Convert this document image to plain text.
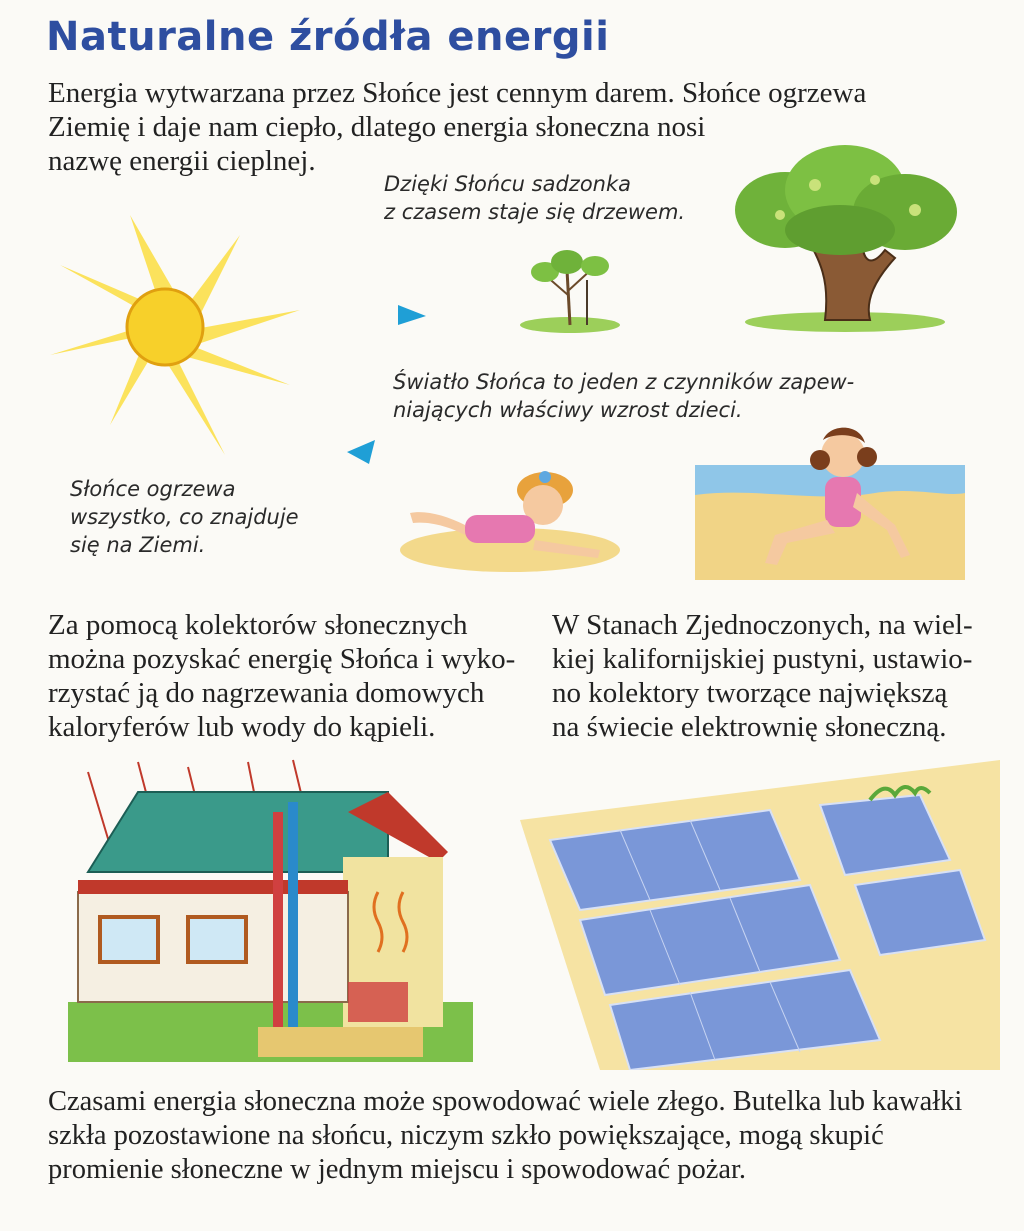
Naturalne źródła energii
Energia wytwarzana przez Słońce jest cennym darem. Słońce ogrzewa
Ziemię i daje nam ciepło, dlatego energia słoneczna nosi
nazwę energii cieplnej.
Dzięki Słońcu sadzonka
z czasem staje się drzewem.
Światło Słońca to jeden z czynników zapew-
niających właściwy wzrost dzieci.
Słońce ogrzewa
wszystko, co znajduje
się na Ziemi.
Za pomocą kolektorów słonecznych
można pozyskać energię Słońca i wyko-
rzystać ją do nagrzewania domowych
kaloryferów lub wody do kąpieli.
W Stanach Zjednoczonych, na wiel-
kiej kalifornijskiej pustyni, ustawio-
no kolektory tworzące największą
na świecie elektrownię słoneczną.
Czasami energia słoneczna może spowodować wiele złego. Butelka lub kawałki
szkła pozostawione na słońcu, niczym szkło powiększające, mogą skupić
promienie słoneczne w jednym miejscu i spowodować pożar.
